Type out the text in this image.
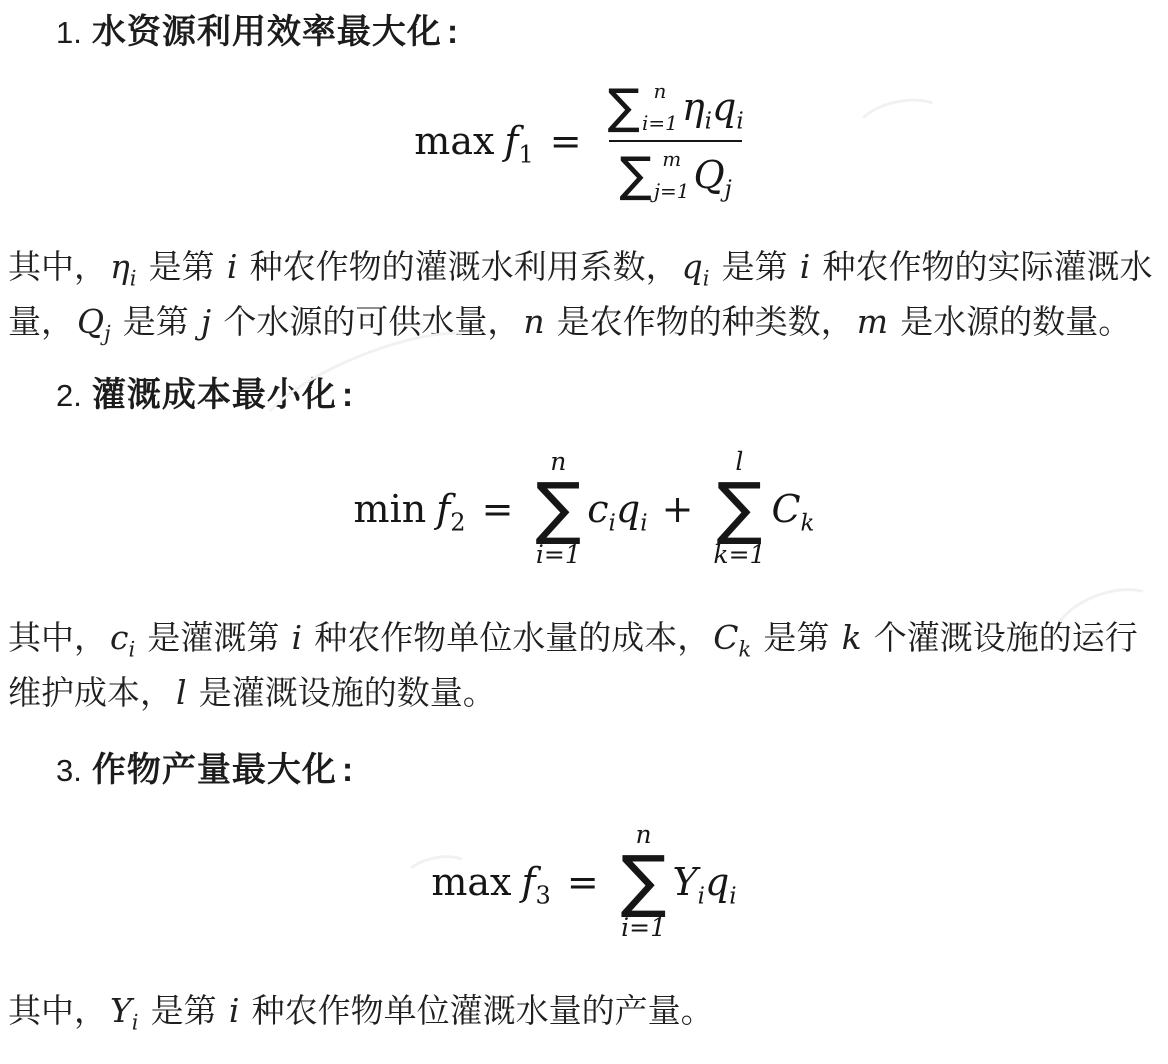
1. 水资源利用效率最大化 :
$\max f_1$ =
∑ n
i=1 $\eta_i$ $q_i$
∑ m
j=1 $Q_j$

其中，$\eta_i$ 是第 i 种农作物的灌溉水利用系数，$q_i$ 是第 i 种农作物的实际灌溉水量，$Q_j$ 是第 j 个水源的可供水量，n 是农作物的种类数，m 是水源的数量。

2. 灌溉成本最小化 :
$\min f_2$ =
n
∑
i=1
$c_i$ $q_i$ +
l
∑
k=1
$C_k$

其中，$c_i$ 是灌溉第 i 种农作物单位水量的成本，$C_k$ 是第 k 个灌溉设施的运行维护成本，l 是灌溉设施的数量。

3. 作物产量最大化 :
$\max f_3$ =
n
∑
i=1
$Y_i$ $q_i$

其中，$Y_i$ 是第 i 种农作物单位灌溉水量的产量。
